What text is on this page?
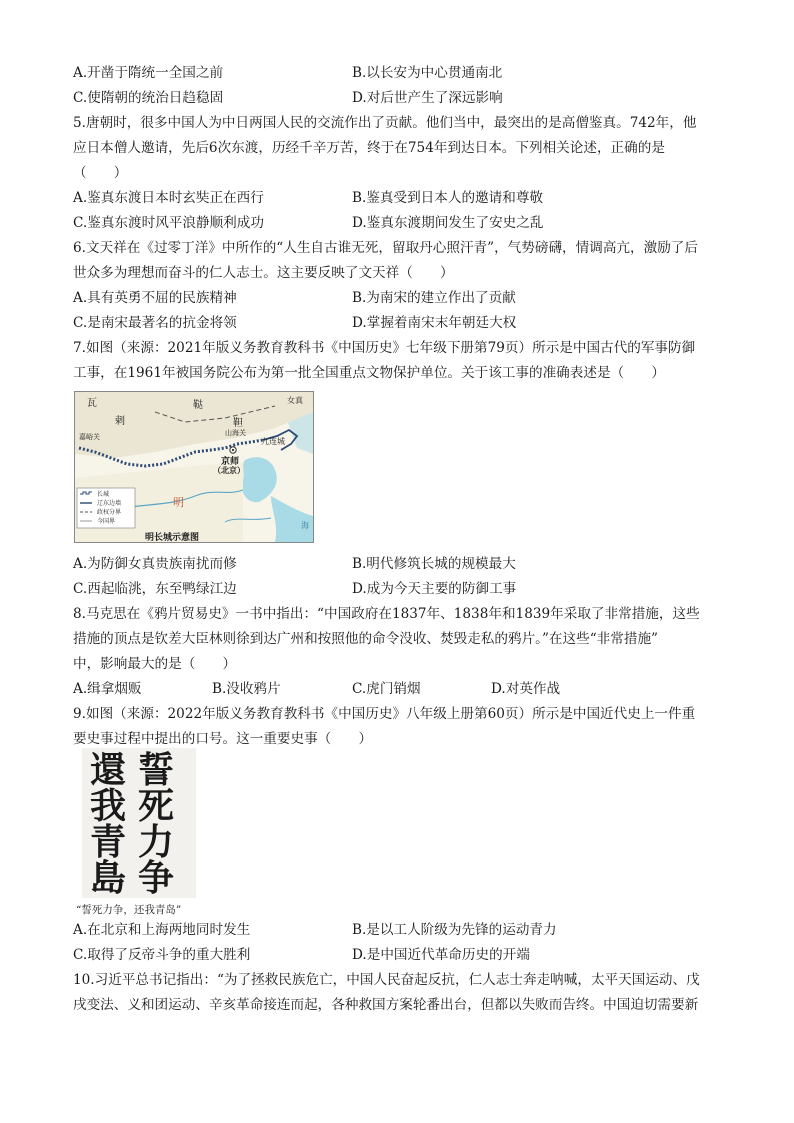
A.开凿于隋统一全国之前	B.以长安为中心贯通南北
C.使隋朝的统治日趋稳固	D.对后世产生了深远影响
5.唐朝时，很多中国人为中日两国人民的交流作出了贡献。他们当中，最突出的是高僧鉴真。742年，他
应日本僧人邀请，先后6次东渡，历经千辛万苦，终于在754年到达日本。下列相关论述，正确的是
（　　）
A.鉴真东渡日本时玄奘正在西行	B.鉴真受到日本人的邀请和尊敬
C.鉴真东渡时风平浪静顺利成功	D.鉴真东渡期间发生了安史之乱
6.文天祥在《过零丁洋》中所作的“人生自古谁无死，留取丹心照汗青”，气势磅礴，情调高亢，激励了后
世众多为理想而奋斗的仁人志士。这主要反映了文天祥（　　）
A.具有英勇不屈的民族精神	B.为南宋的建立作出了贡献
C.是南宋最著名的抗金将领	D.掌握着南宋末年朝廷大权
7.如图（来源：2021年版义务教育教科书《中国历史》七年级下册第79页）所示是中国古代的军事防御
工事，在1961年被国务院公布为第一批全国重点文物保护单位。关于该工事的准确表述是（　　）
瓦
剌
鞑
靼
女真
嘉峪关	山海关
九连城
京师
（北京）
明
海
长城
辽东边墙
政权分界
今国界
明长城示意图
A.为防御女真贵族南扰而修	B.明代修筑长城的规模最大
C.西起临洮，东至鸭绿江边	D.成为今天主要的防御工事
8.马克思在《鸦片贸易史》一书中指出：“中国政府在1837年、1838年和1839年采取了非常措施，这些
措施的顶点是钦差大臣林则徐到达广州和按照他的命令没收、焚毁走私的鸦片。”在这些“非常措施”
中，影响最大的是（　　）
A.缉拿烟贩	B.没收鸦片	C.虎门销烟	D.对英作战
9.如图（来源：2022年版义务教育教科书《中国历史》八年级上册第60页）所示是中国近代史上一件重
要史事过程中提出的口号。这一重要史事（　　）
誓死力争
還我青島
“誓死力争，还我青岛”
A.在北京和上海两地同时发生	B.是以工人阶级为先锋的运动青力
C.取得了反帝斗争的重大胜利	D.是中国近代革命历史的开端
10.习近平总书记指出：“为了拯救民族危亡，中国人民奋起反抗，仁人志士奔走呐喊，太平天国运动、戊
戌变法、义和团运动、辛亥革命接连而起，各种救国方案轮番出台，但都以失败而告终。中国迫切需要新
